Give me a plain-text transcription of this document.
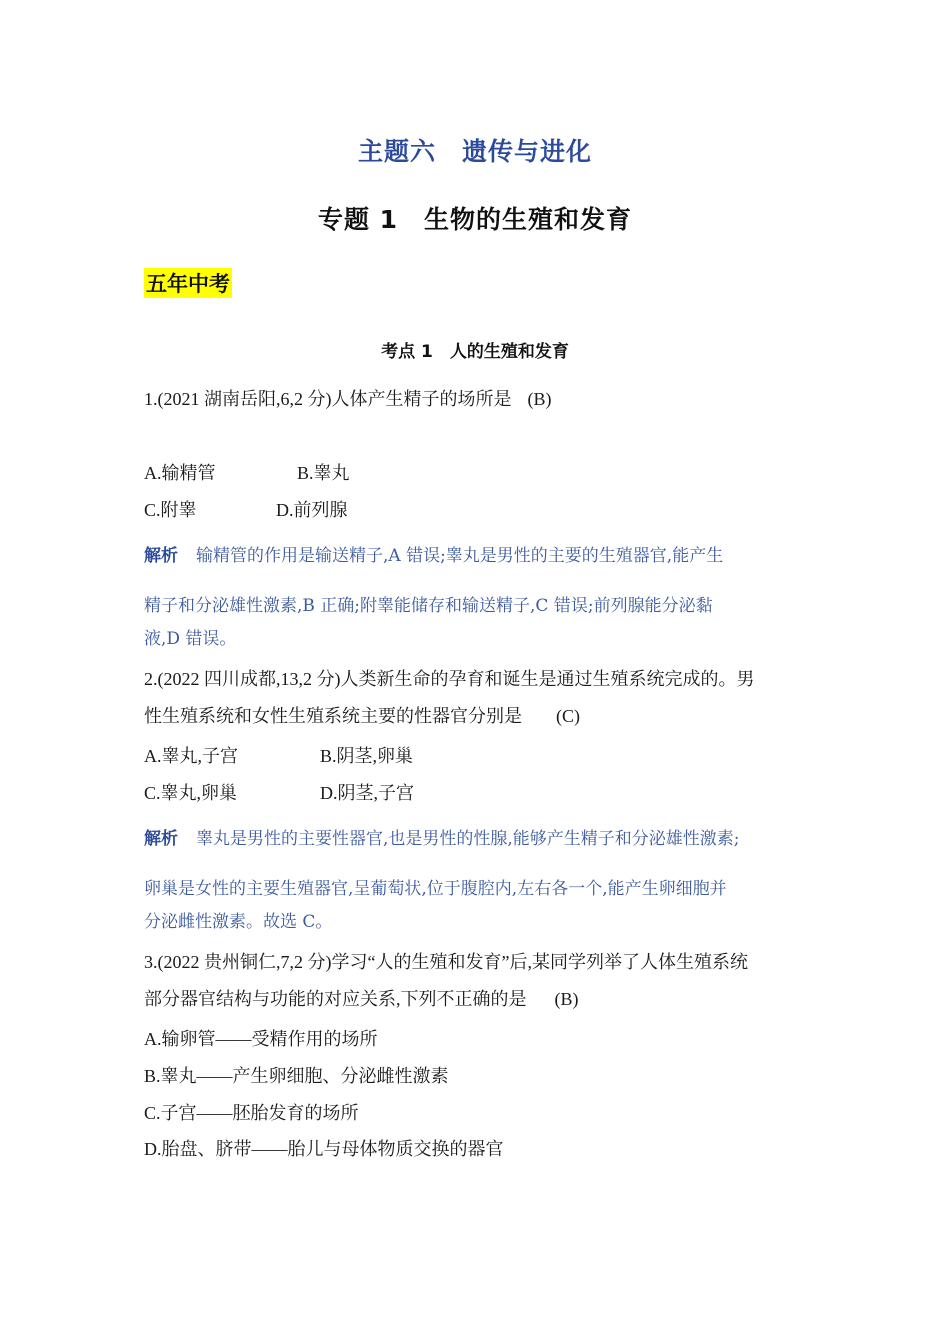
主题六　遗传与进化
专题 1　生物的生殖和发育
五年中考
考点 1　人的生殖和发育
1.(2021 湖南岳阳,6,2 分)人体产生精子的场所是 (B)
A.输精管	B.睾丸
C.附睾	D.前列腺
解析 输精管的作用是输送精子,A 错误;睾丸是男性的主要的生殖器官,能产生
精子和分泌雄性激素,B 正确;附睾能储存和输送精子,C 错误;前列腺能分泌黏
液,D 错误。
2.(2022 四川成都,13,2 分)人类新生命的孕育和诞生是通过生殖系统完成的。男
性生殖系统和女性生殖系统主要的性器官分别是 (C)
A.睾丸,子宫	B.阴茎,卵巢
C.睾丸,卵巢	D.阴茎,子宫
解析 睾丸是男性的主要性器官,也是男性的性腺,能够产生精子和分泌雄性激素;
卵巢是女性的主要生殖器官,呈葡萄状,位于腹腔内,左右各一个,能产生卵细胞并
分泌雌性激素。故选 C。
3.(2022 贵州铜仁,7,2 分)学习“人的生殖和发育”后,某同学列举了人体生殖系统
部分器官结构与功能的对应关系,下列不正确的是 (B)
A.输卵管——受精作用的场所
B.睾丸——产生卵细胞、分泌雌性激素
C.子宫——胚胎发育的场所
D.胎盘、脐带——胎儿与母体物质交换的器官
